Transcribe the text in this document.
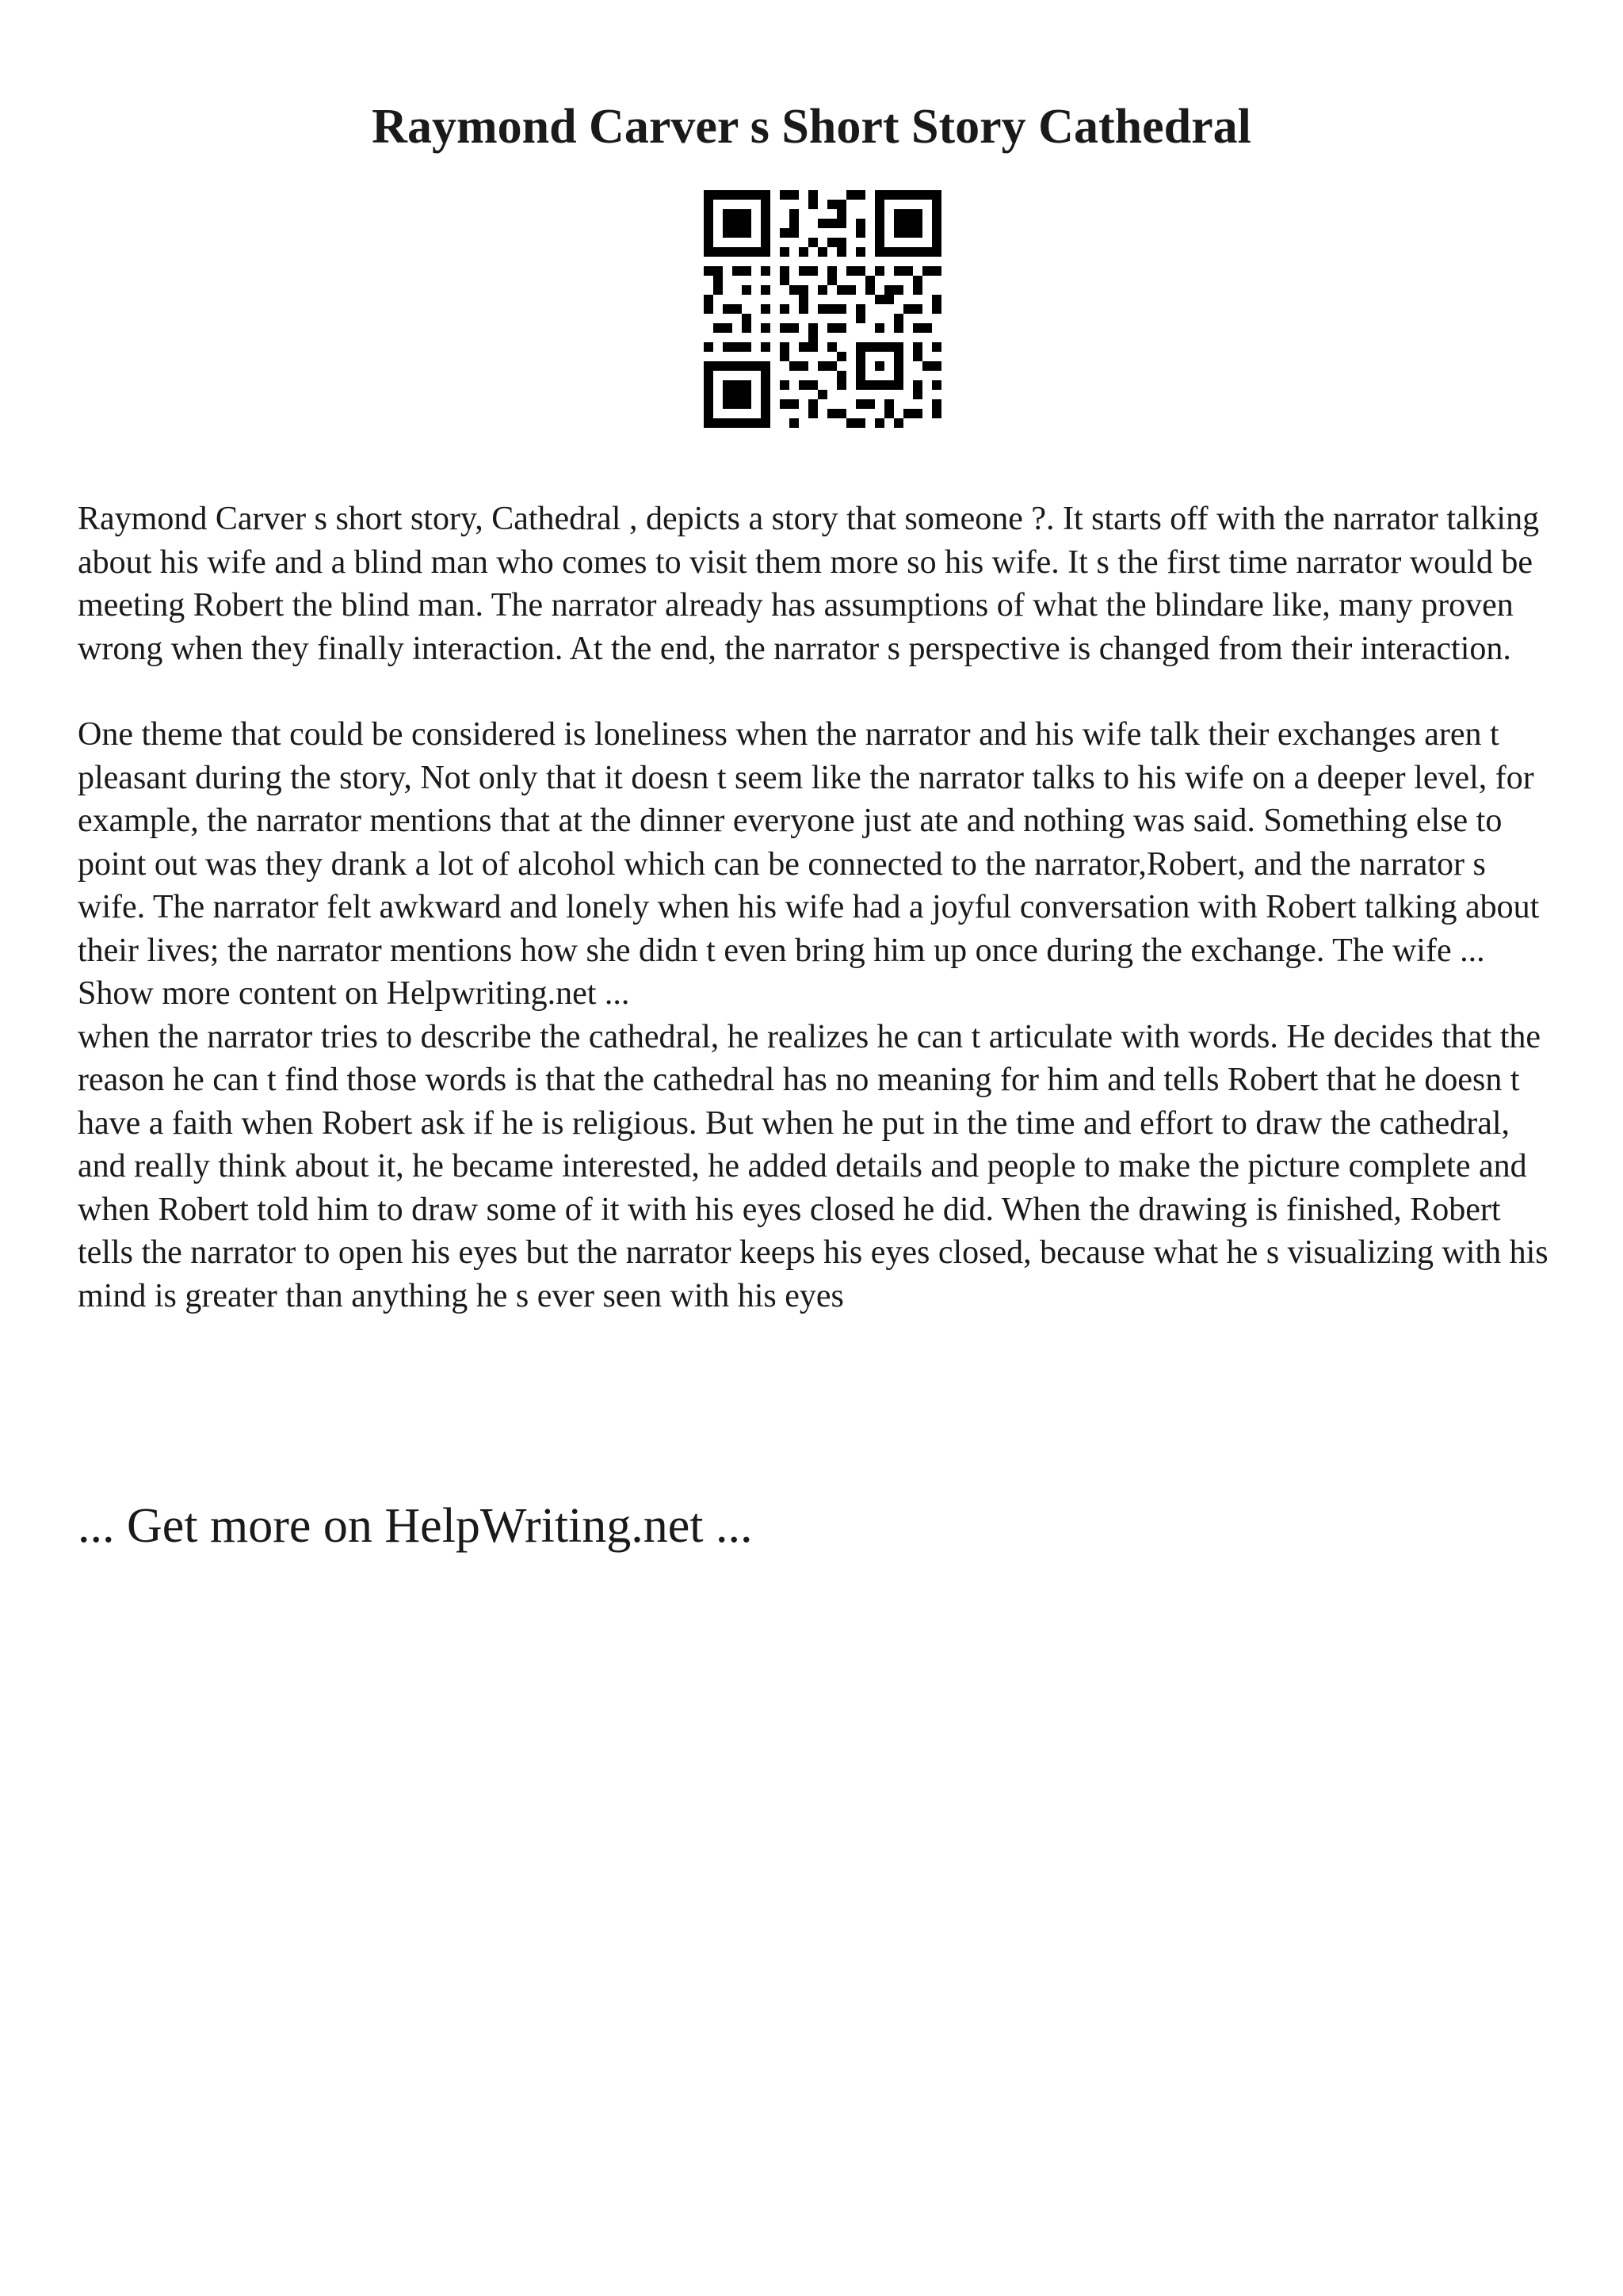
Raymond Carver s Short Story Cathedral

Raymond Carver s short story, Cathedral , depicts a story that someone ?. It starts off with the narrator talking about his wife and a blind man who comes to visit them more so his wife. It s the first time narrator would be meeting Robert the blind man. The narrator already has assumptions of what the blindare like, many proven wrong when they finally interaction. At the end, the narrator s perspective is changed from their interaction.

One theme that could be considered is loneliness when the narrator and his wife talk their exchanges aren t pleasant during the story, Not only that it doesn t seem like the narrator talks to his wife on a deeper level, for example, the narrator mentions that at the dinner everyone just ate and nothing was said. Something else to point out was they drank a lot of alcohol which can be connected to the narrator,Robert, and the narrator s wife. The narrator felt awkward and lonely when his wife had a joyful conversation with Robert talking about their lives; the narrator mentions how she didn t even bring him up once during the exchange. The wife ... Show more content on Helpwriting.net ...

when the narrator tries to describe the cathedral, he realizes he can t articulate with words. He decides that the reason he can t find those words is that the cathedral has no meaning for him and tells Robert that he doesn t have a faith when Robert ask if he is religious. But when he put in the time and effort to draw the cathedral, and really think about it, he became interested, he added details and people to make the picture complete and when Robert told him to draw some of it with his eyes closed he did. When the drawing is finished, Robert tells the narrator to open his eyes but the narrator keeps his eyes closed, because what he s visualizing with his mind is greater than anything he s ever seen with his eyes

... Get more on HelpWriting.net ...
